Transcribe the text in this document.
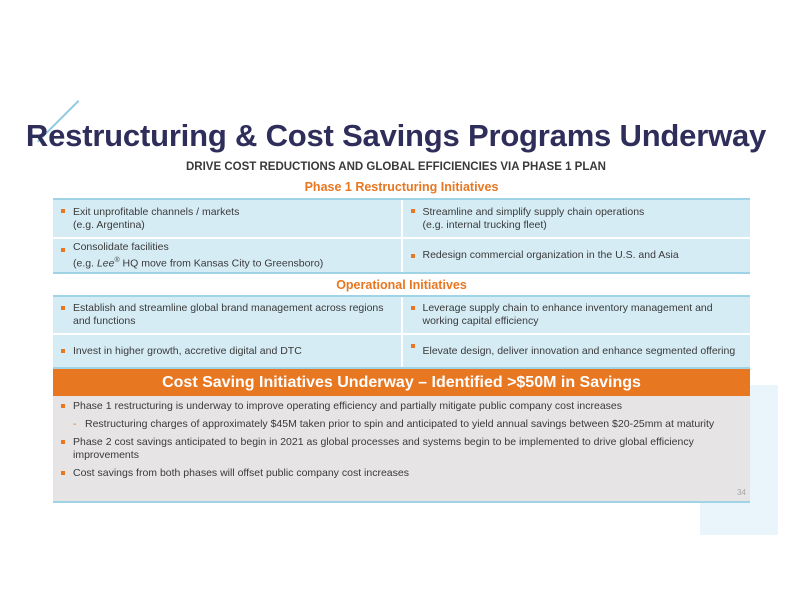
Restructuring & Cost Savings Programs Underway
DRIVE COST REDUCTIONS AND GLOBAL EFFICIENCIES VIA PHASE 1 PLAN
Phase 1 Restructuring Initiatives
Exit unprofitable channels / markets
(e.g. Argentina)
Streamline and simplify supply chain operations
(e.g. internal trucking fleet)
Consolidate facilities
(e.g. Lee® HQ move from Kansas City to Greensboro)
Redesign commercial organization in the U.S. and Asia
Operational Initiatives
Establish and streamline global brand management across regions and functions
Leverage supply chain to enhance inventory management and working capital efficiency
Invest in higher growth, accretive digital and DTC	Elevate design, deliver innovation and enhance segmented offering
Cost Saving Initiatives Underway – Identified >$50M in Savings
Phase 1 restructuring is underway to improve operating efficiency and partially mitigate public company cost increases
- Restructuring charges of approximately $45M taken prior to spin and anticipated to yield annual savings between $20-25mm at maturity
Phase 2 cost savings anticipated to begin in 2021 as global processes and systems begin to be implemented to drive global efficiency improvements
Cost savings from both phases will offset public company cost increases
34
